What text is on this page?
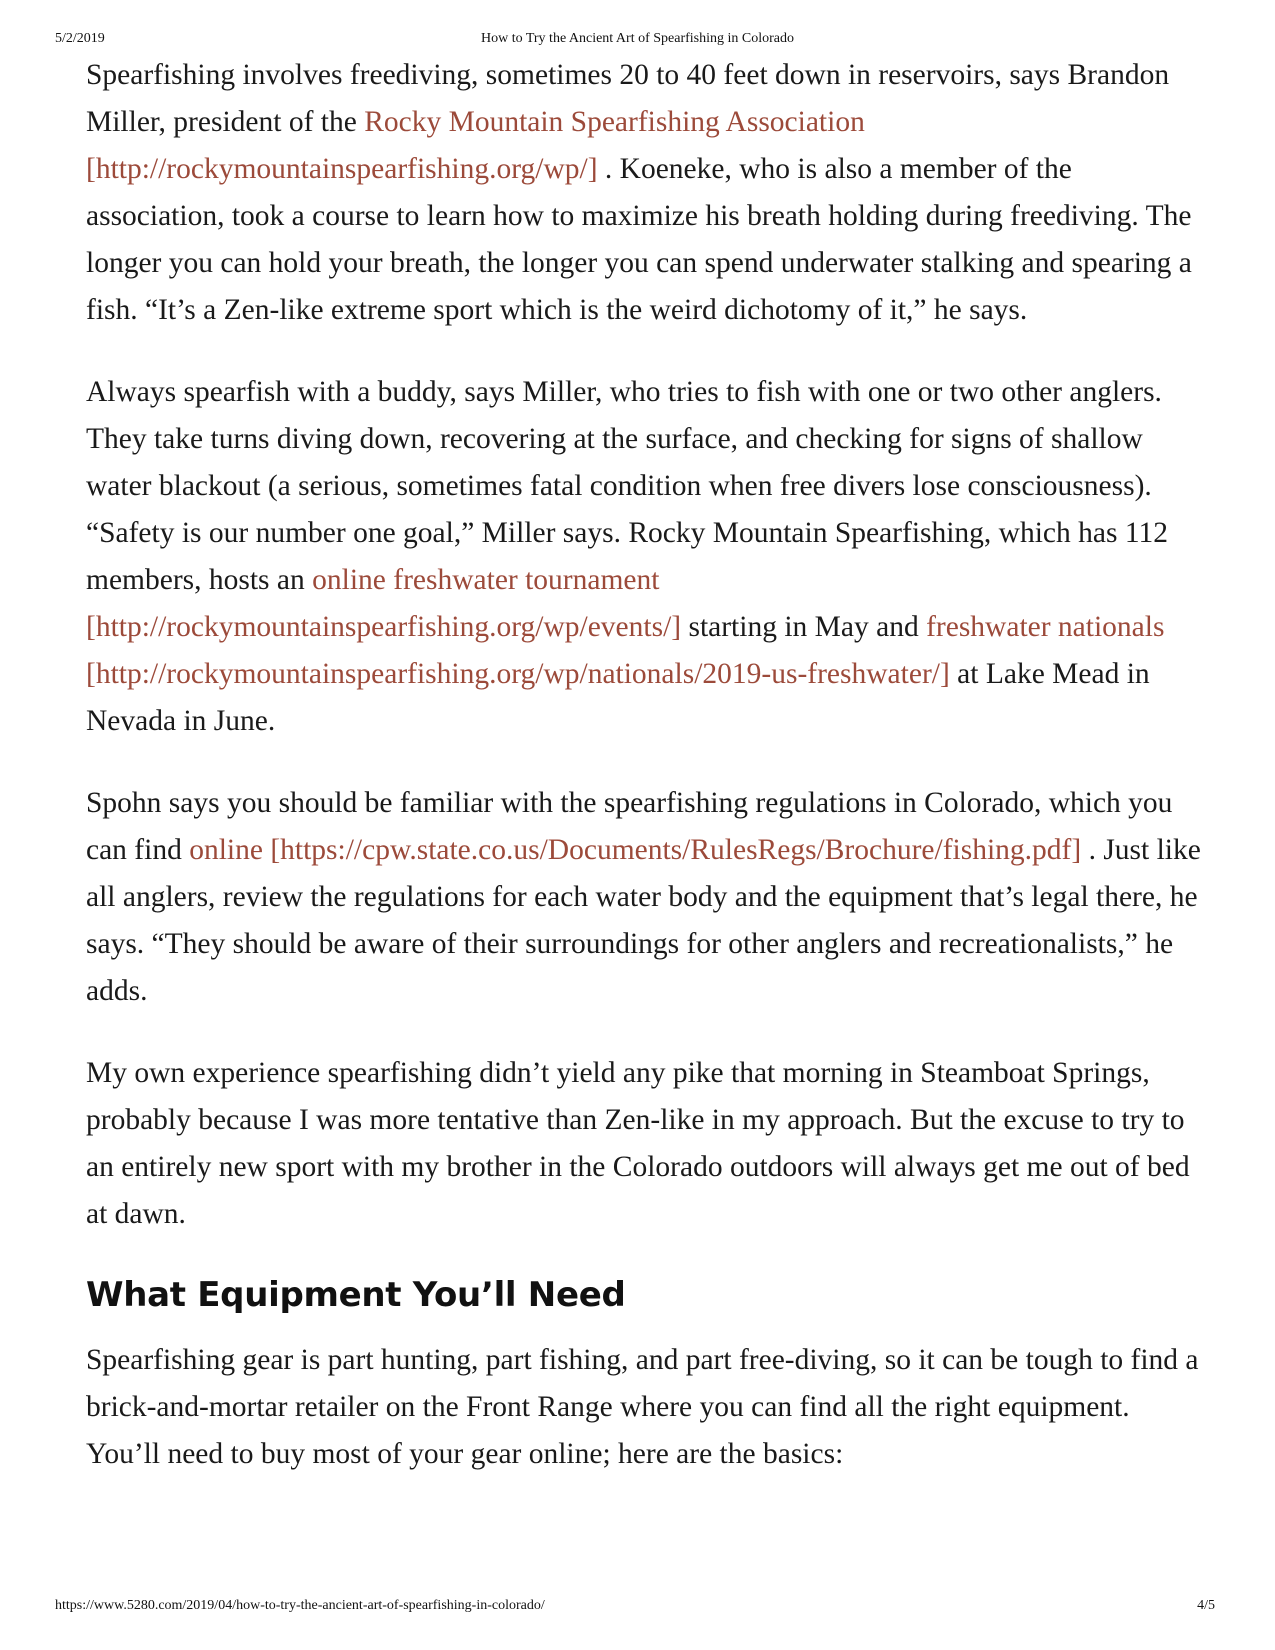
5/2/2019	How to Try the Ancient Art of Spearfishing in Colorado

Spearfishing involves freediving, sometimes 20 to 40 feet down in reservoirs, says Brandon Miller, president of the Rocky Mountain Spearfishing Association [http://rockymountainspearfishing.org/wp/] . Koeneke, who is also a member of the association, took a course to learn how to maximize his breath holding during freediving. The longer you can hold your breath, the longer you can spend underwater stalking and spearing a fish. “It’s a Zen-like extreme sport which is the weird dichotomy of it,” he says.

Always spearfish with a buddy, says Miller, who tries to fish with one or two other anglers. They take turns diving down, recovering at the surface, and checking for signs of shallow water blackout (a serious, sometimes fatal condition when free divers lose consciousness). “Safety is our number one goal,” Miller says. Rocky Mountain Spearfishing, which has 112 members, hosts an online freshwater tournament [http://rockymountainspearfishing.org/wp/events/] starting in May and freshwater nationals [http://rockymountainspearfishing.org/wp/nationals/2019-us-freshwater/] at Lake Mead in Nevada in June.

Spohn says you should be familiar with the spearfishing regulations in Colorado, which you can find online [https://cpw.state.co.us/Documents/RulesRegs/Brochure/fishing.pdf] . Just like all anglers, review the regulations for each water body and the equipment that’s legal there, he says. “They should be aware of their surroundings for other anglers and recreationalists,” he adds.

My own experience spearfishing didn’t yield any pike that morning in Steamboat Springs, probably because I was more tentative than Zen-like in my approach. But the excuse to try to an entirely new sport with my brother in the Colorado outdoors will always get me out of bed at dawn.

What Equipment You’ll Need

Spearfishing gear is part hunting, part fishing, and part free-diving, so it can be tough to find a brick-and-mortar retailer on the Front Range where you can find all the right equipment. You’ll need to buy most of your gear online; here are the basics:

https://www.5280.com/2019/04/how-to-try-the-ancient-art-of-spearfishing-in-colorado/	4/5
